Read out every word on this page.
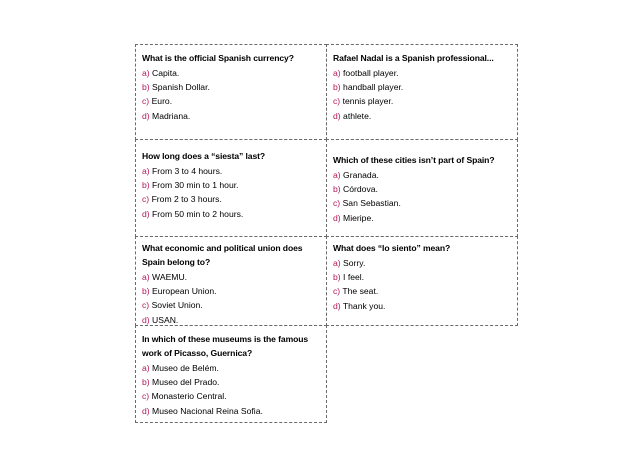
What is the official Spanish currency?
a) Capita.
b) Spanish Dollar.
c) Euro.
d) Madriana.
Rafael Nadal is a Spanish professional...
a) football player.
b) handball player.
c) tennis player.
d) athlete.
How long does a “siesta” last?
a) From 3 to 4 hours.
b) From 30 min to 1 hour.
c) From 2 to 3 hours.
d) From 50 min to 2 hours.
Which of these cities isn’t part of Spain?
a) Granada.
b) Córdova.
c) San Sebastian.
d) Mieripe.
What economic and political union does
Spain belong to?
a) WAEMU.
b) European Union.
c) Soviet Union.
d) USAN.
What does “lo siento” mean?
a) Sorry.
b) I feel.
c) The seat.
d) Thank you.
In which of these museums is the famous
work of Picasso, Guernica?
a) Museo de Belém.
b) Museo del Prado.
c) Monasterio Central.
d) Museo Nacional Reina Sofia.
